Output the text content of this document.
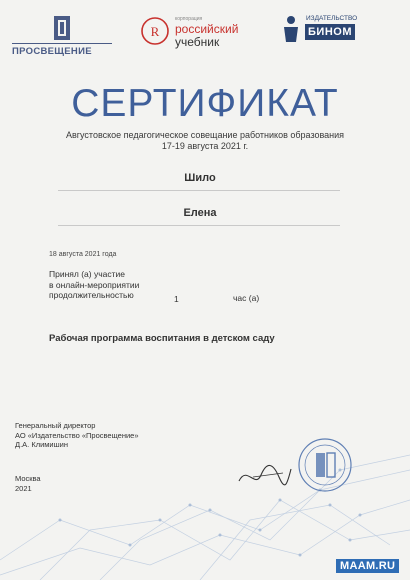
ПРОСВЕЩЕНИЕ
R
корпорация
российский
учебник
ИЗДАТЕЛЬСТВО
БИНОМ
СЕРТИФИКАТ
Августовское педагогическое совещание работников образования
17-19 августа 2021 г.
Шило
Елена
18 августа 2021 года
Принял (а) участие
в онлайн-мероприятии
продолжительностью	1	час (а)
Рабочая программа воспитания в детском саду
Генеральный директор
АО «Издательство «Просвещение»
Д.А. Климишин
Москва
2021
MAAM.RU
